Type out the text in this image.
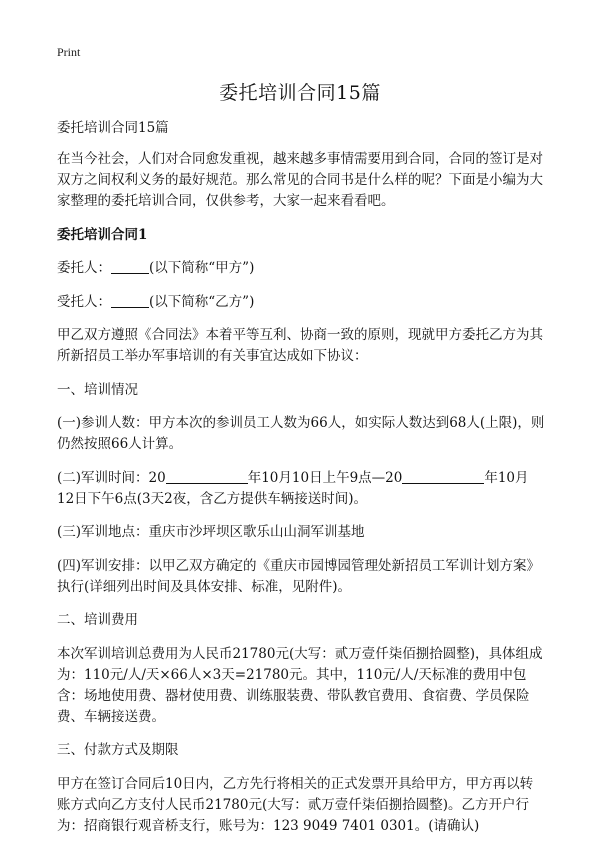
Print
委托培训合同15篇

委托培训合同15篇

在当今社会，人们对合同愈发重视，越来越多事情需要用到合同，合同的签订是对双方之间权利义务的最好规范。那么常见的合同书是什么样的呢？下面是小编为大家整理的委托培训合同，仅供参考，大家一起来看看吧。

委托培训合同1

委托人：	(以下简称“甲方”)

受托人：	(以下简称“乙方”)

甲乙双方遵照《合同法》本着平等互利、协商一致的原则，现就甲方委托乙方为其所新招员工举办军事培训的有关事宜达成如下协议：

一、培训情况

(一)参训人数：甲方本次的参训员工人数为66人，如实际人数达到68人(上限)，则仍然按照66人计算。

(二)军训时间：20	年10月10日上午9点—20	年10月12日下午6点(3天2夜，含乙方提供车辆接送时间)。

(三)军训地点：重庆市沙坪坝区歌乐山山洞军训基地

(四)军训安排：以甲乙双方确定的《重庆市园博园管理处新招员工军训计划方案》执行(详细列出时间及具体安排、标准，见附件)。

二、培训费用

本次军训培训总费用为人民币21780元(大写：贰万壹仟柒佰捌拾圆整)，具体组成为：110元/人/天×66人×3天=21780元。其中，110元/人/天标准的费用中包含：场地使用费、器材使用费、训练服装费、带队教官费用、食宿费、学员保险费、车辆接送费。

三、付款方式及期限

甲方在签订合同后10日内，乙方先行将相关的正式发票开具给甲方，甲方再以转账方式向乙方支付人民币21780元(大写：贰万壹仟柒佰捌拾圆整)。乙方开户行为：招商银行观音桥支行，账号为：123 9049 7401 0301。(请确认)
